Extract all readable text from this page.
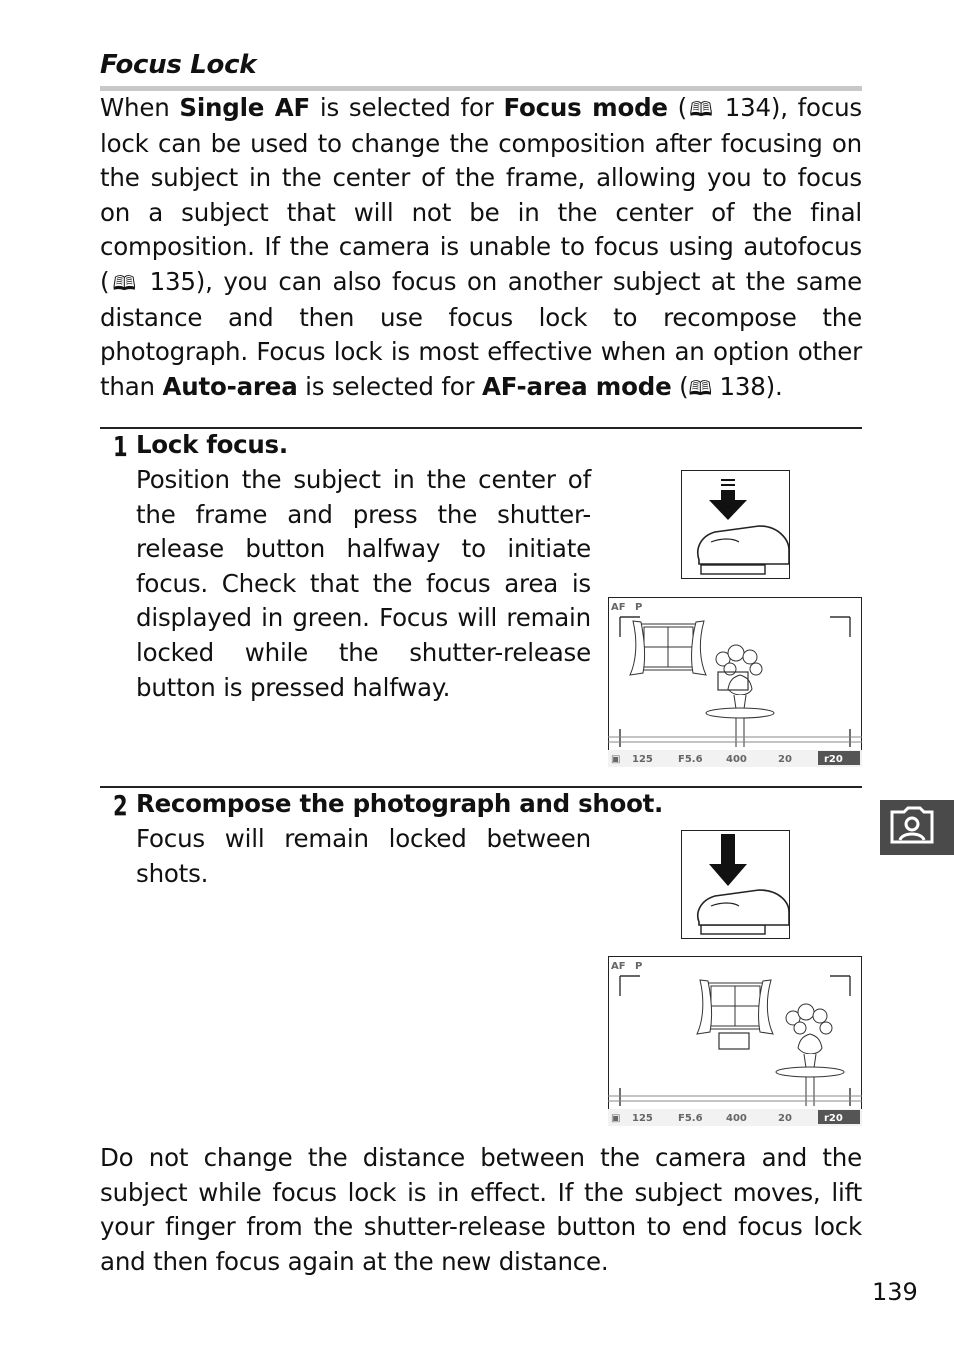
Focus Lock
When Single AF is selected for Focus mode (🕮 134), focus lock can be used to change the composition after focusing on the subject in the center of the frame, allowing you to focus on a subject that will not be in the center of the final composition. If the camera is unable to focus using autofocus (🕮 135), you can also focus on another subject at the same distance and then use focus lock to recompose the photograph. Focus lock is most effective when an option other than Auto-area is selected for AF-area mode (🕮 138).
1 Lock focus.
Position the subject in the center of the frame and press the shutter-release button halfway to initiate focus. Check that the focus area is displayed in green. Focus will remain locked while the shutter-release button is pressed halfway.
AF P
▣ 125	F5.6 400	20	r20
2 Recompose the photograph and shoot.
Focus will remain locked between shots.
AF P
▣ 125	F5.6 400	20	r20
Do not change the distance between the camera and the subject while focus lock is in effect. If the subject moves, lift your finger from the shutter-release button to end focus lock and then focus again at the new distance.
139
